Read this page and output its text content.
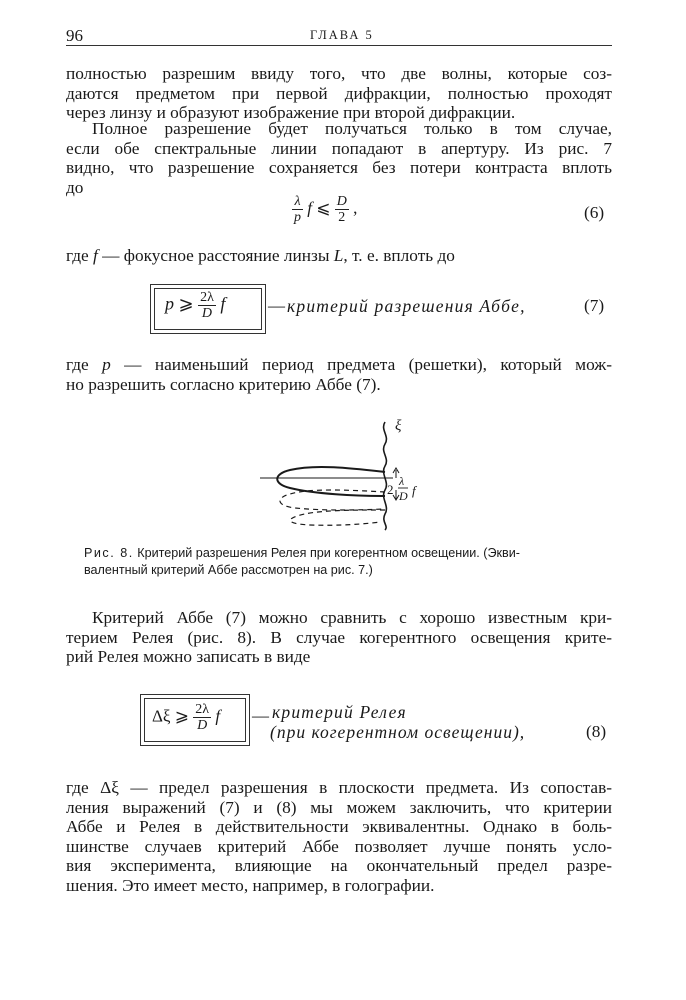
96	ГЛАВА 5

полностью разрешим ввиду того, что две волны, которые соз-
даются предметом при первой дифракции, полностью проходят
через линзу и образуют изображение при второй дифракции.

Полное разрешение будет получаться только в том случае,
если обе спектральные линии попадают в апертуру. Из рис. 7
видно, что разрешение сохраняется без потери контраста вплоть
до

$\frac{\lambda}{p}$ f ⩽ $\frac{D}{2}$ ,	(6)

где f — фокусное расстояние линзы L, т. е. вплоть до

p ⩾ $\frac{2\lambda}{D}$ f	— критерий разрешения Аббе,	(7)

где p — наименьший период предмета (решетки), который мож-
но разрешить согласно критерию Аббе (7).

ξ
2
λ
D f
Рис. 8. Критерий разрешения Релея при когерентном освещении. (Экви-
валентный критерий Аббе рассмотрен на рис. 7.)

Критерий Аббе (7) можно сравнить с хорошо известным кри-
терием Релея (рис. 8). В случае когерентного освещения крите-
рий Релея можно записать в виде

Δξ ⩾ $\frac{2\lambda}{D}$ f — критерий Релея
(при когерентном освещении),	(8)

где Δξ — предел разрешения в плоскости предмета. Из сопостав-
ления выражений (7) и (8) мы можем заключить, что критерии
Аббе и Релея в действительности эквивалентны. Однако в боль-
шинстве случаев критерий Аббе позволяет лучше понять усло-
вия эксперимента, влияющие на окончательный предел разре-
шения. Это имеет место, например, в голографии.
